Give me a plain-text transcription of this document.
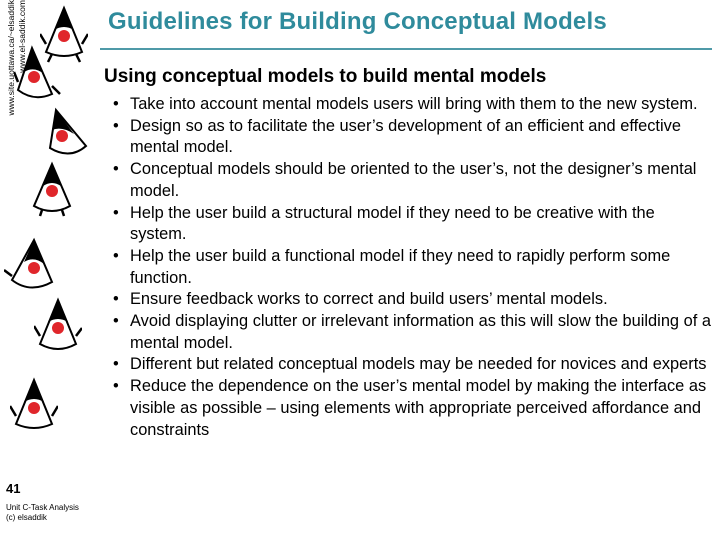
www.site.uottawa.ca/~elsaddik www.el-saddik.com
41
Unit C-Task Analysis
(c) elsaddik
Guidelines for Building Conceptual Models
Using conceptual models to build mental models
• Take into account mental models users will bring with them to the new system.
• Design so as to facilitate the user’s development of an efficient and effective mental model.
• Conceptual models should be oriented to the user’s, not the designer’s mental model.
• Help the user build a structural model if they need to be creative with the system.
• Help the user build a functional model if they need to rapidly perform some function.
• Ensure feedback works to correct and build users’ mental models.
• Avoid displaying clutter or irrelevant information as this will slow the building of a mental model.
• Different but related conceptual models may be needed for novices and experts
• Reduce the dependence on the user’s mental model by making the interface as visible as possible – using elements with appropriate perceived affordance and constraints
